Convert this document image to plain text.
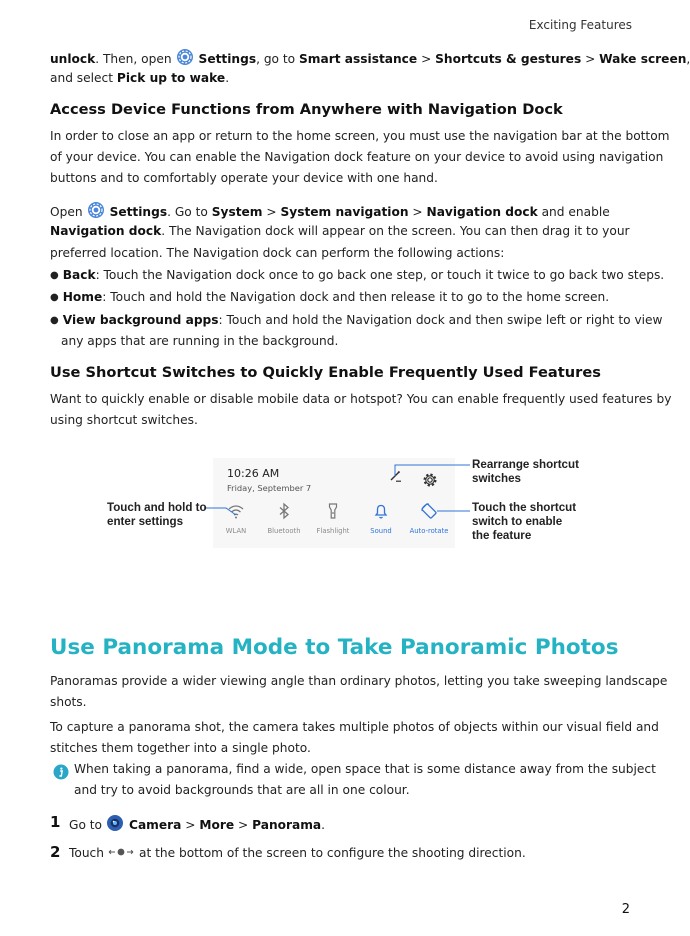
Exciting Features
unlock. Then, open Settings, go to Smart assistance > Shortcuts & gestures > Wake screen,
and select Pick up to wake.
Access Device Functions from Anywhere with Navigation Dock
In order to close an app or return to the home screen, you must use the navigation bar at the bottom
of your device. You can enable the Navigation dock feature on your device to avoid using navigation
buttons and to comfortably operate your device with one hand.
Open Settings. Go to System > System navigation > Navigation dock and enable
Navigation dock. The Navigation dock will appear on the screen. You can then drag it to your
preferred location. The Navigation dock can perform the following actions:
● Back: Touch the Navigation dock once to go back one step, or touch it twice to go back two steps.
● Home: Touch and hold the Navigation dock and then release it to go to the home screen.
● View background apps: Touch and hold the Navigation dock and then swipe left or right to view
any apps that are running in the background.
Use Shortcut Switches to Quickly Enable Frequently Used Features
Want to quickly enable or disable mobile data or hotspot? You can enable frequently used features by
using shortcut switches.
10:26 AM
Friday, September 7
WLAN	Bluetooth	Flashlight	Sound	Auto-rotate
Touch and hold to
enter settings
Rearrange shortcut
switches
Touch the shortcut
switch to enable
the feature
Use Panorama Mode to Take Panoramic Photos
Panoramas provide a wider viewing angle than ordinary photos, letting you take sweeping landscape
shots.
To capture a panorama shot, the camera takes multiple photos of objects within our visual field and
stitches them together into a single photo.
When taking a panorama, find a wide, open space that is some distance away from the subject
and try to avoid backgrounds that are all in one colour.
1 Go to Camera > More > Panorama.
2 Touch	at the bottom of the screen to configure the shooting direction.
2
